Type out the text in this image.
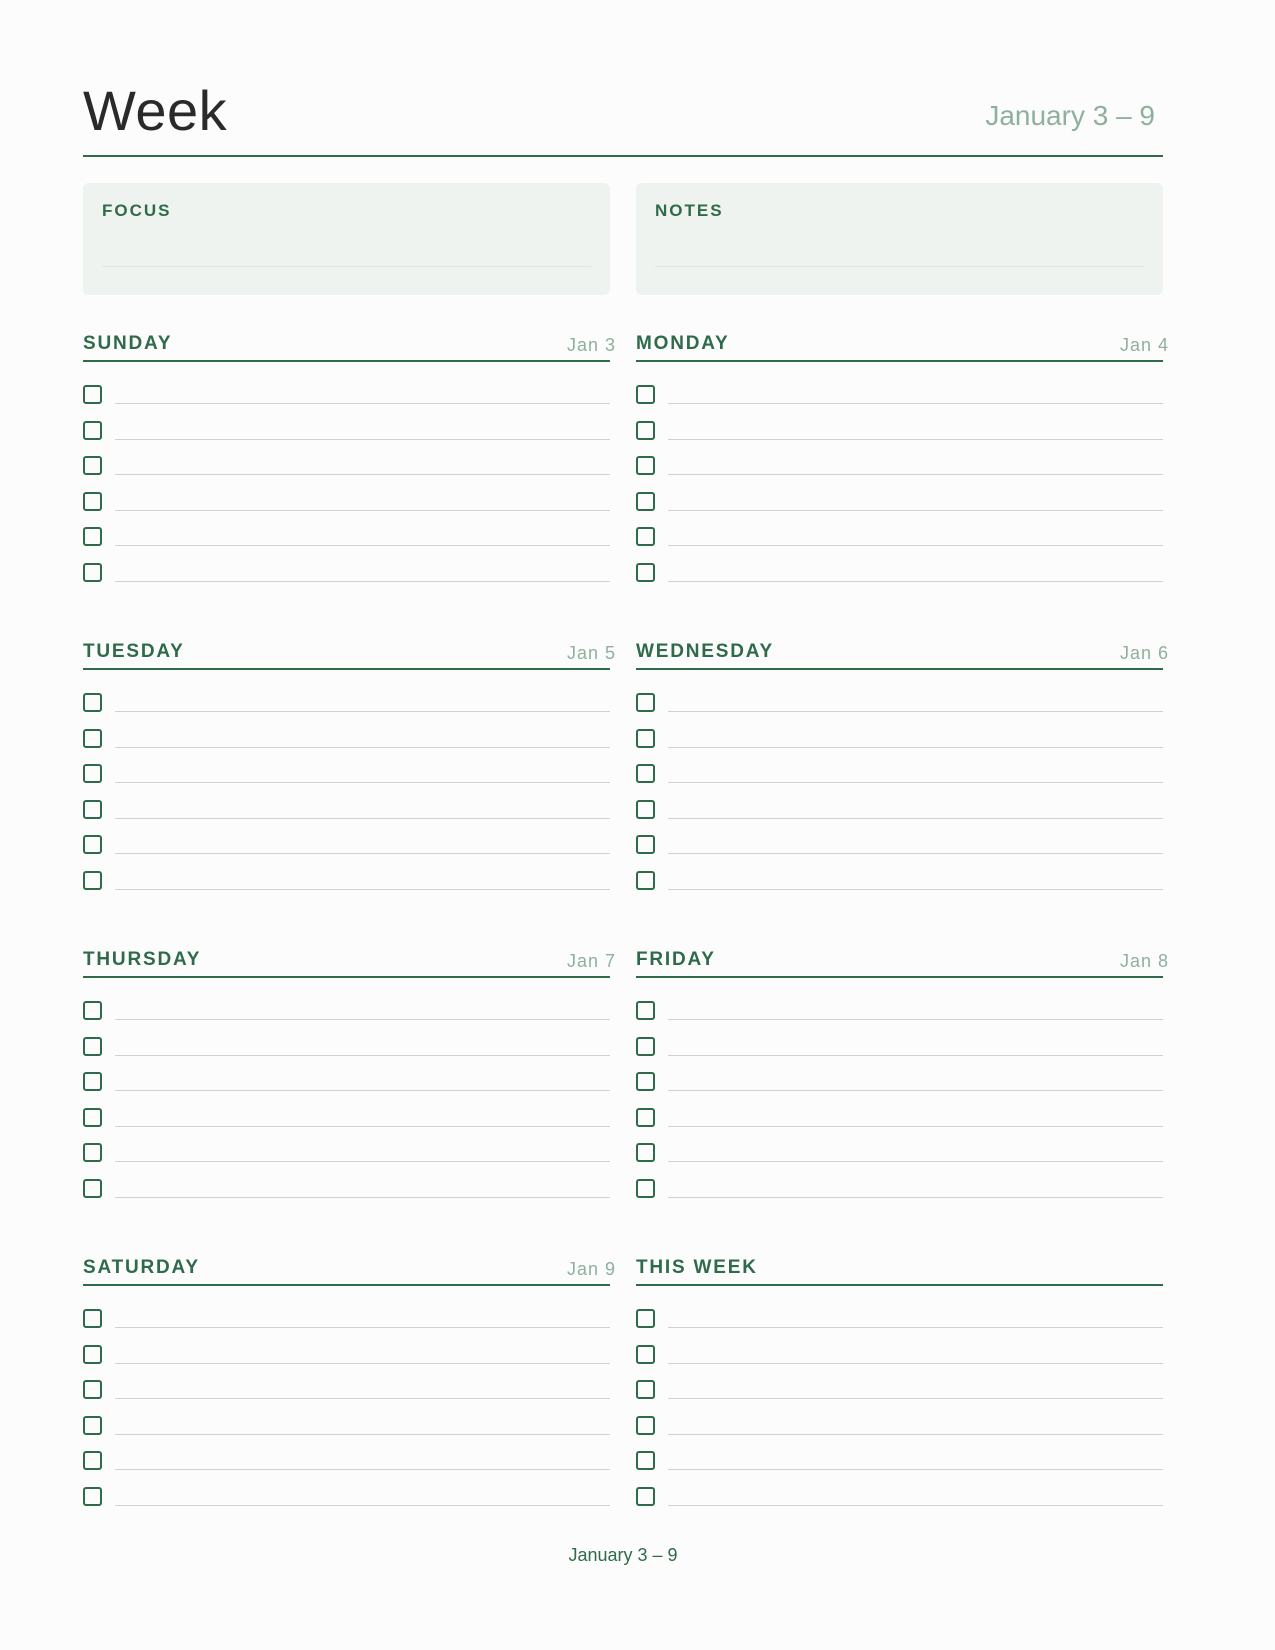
Week	January 3 – 9
FOCUS	NOTES
SUNDAY	Jan 3 MONDAY	Jan 4
TUESDAY	Jan 5 WEDNESDAY	Jan 6
THURSDAY	Jan 7 FRIDAY	Jan 8
SATURDAY	Jan 9 THIS WEEK
January 3 – 9
